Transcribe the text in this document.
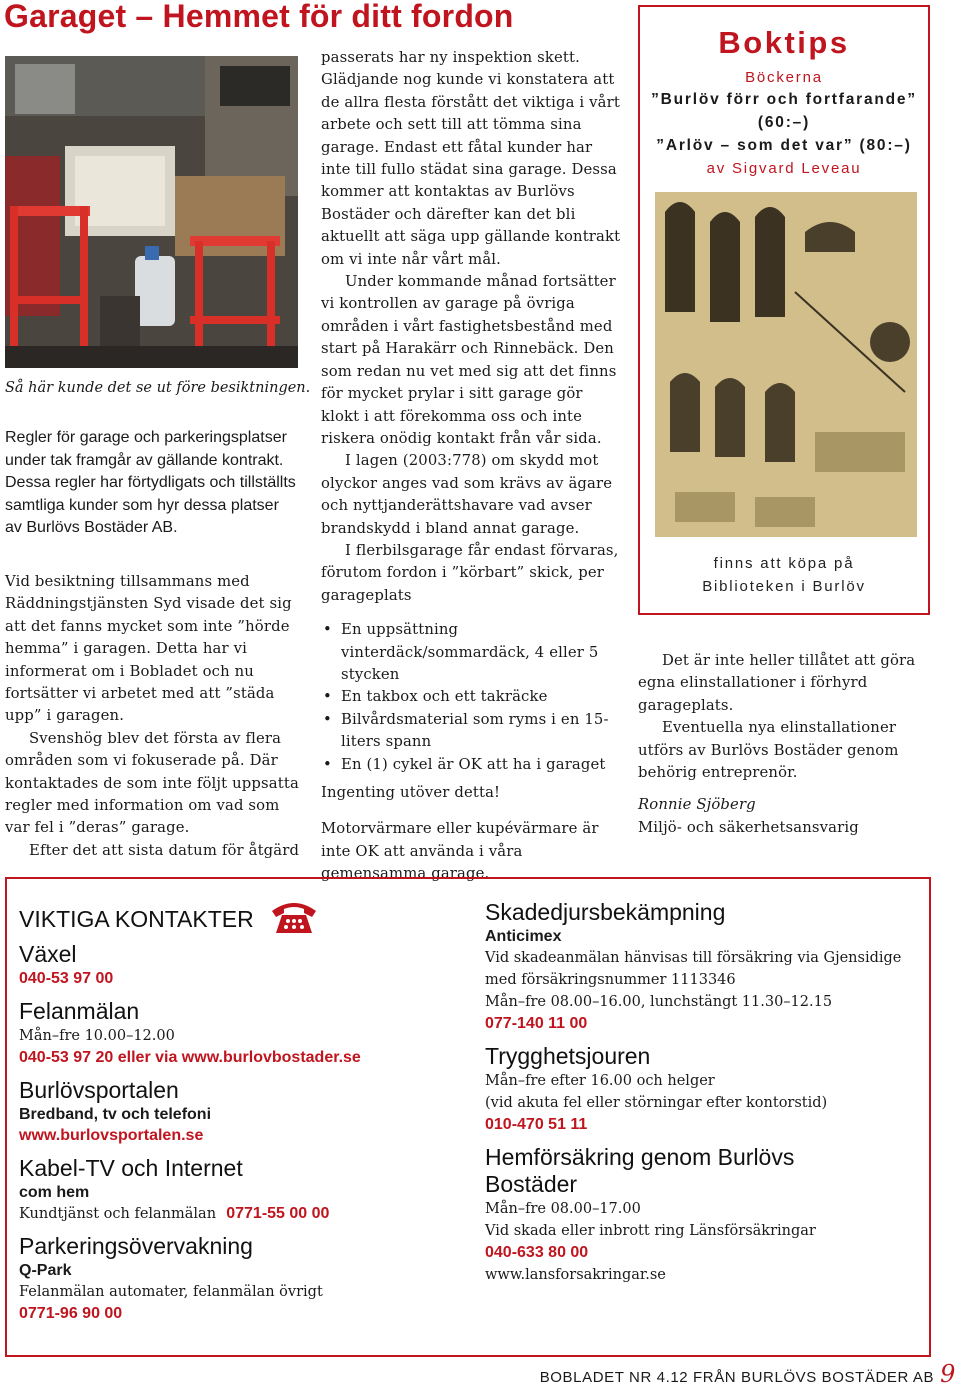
Garaget – Hemmet för ditt fordon
Så här kunde det se ut före besiktningen.
Regler för garage och parkeringsplatser under tak framgår av gällande kontrakt. Dessa regler har förtydligats och tillställts samtliga kunder som hyr dessa platser av Burlövs Bostäder AB.

Vid besiktning tillsammans med Räddningstjänsten Syd visade det sig att det fanns mycket som inte ”hörde hemma” i garagen. Detta har vi informerat om i Bobladet och nu fortsätter vi arbetet med att ”städa upp” i garagen.

Svenshög blev det första av flera områden som vi fokuserade på. Där kontaktades de som inte följt uppsatta regler med information om vad som var fel i ”deras” garage.

Efter det att sista datum för åtgärd

passerats har ny inspektion skett. Glädjande nog kunde vi konstatera att de allra flesta förstått det viktiga i vårt arbete och sett till att tömma sina garage. Endast ett fåtal kunder har inte till fullo städat sina garage. Dessa kommer att kontaktas av Burlövs Bostäder och därefter kan det bli aktuellt att säga upp gällande kontrakt om vi inte når vårt mål.

Under kommande månad fortsätter vi kontrollen av garage på övriga områden i vårt fastighetsbestånd med start på Harakärr och Rinnebäck. Den som redan nu vet med sig att det finns för mycket prylar i sitt garage gör klokt i att förekomma oss och inte riskera onödig kontakt från vår sida.

I lagen (2003:778) om skydd mot olyckor anges vad som krävs av ägare och nyttjanderättshavare vad avser brandskydd i bland annat garage.

I flerbilsgarage får endast förvaras, förutom fordon i ”körbart” skick, per garageplats

• En uppsättning vinterdäck/sommardäck, 4 eller 5 stycken
• En takbox och ett takräcke
• Bilvårdsmaterial som ryms i en 15-liters spann
• En (1) cykel är OK att ha i garaget

Ingenting utöver detta!

Motorvärmare eller kupévärmare är inte OK att använda i våra gemensamma garage.

Boktips
Böckerna
”Burlöv förr och fortfarande”
(60:–)
”Arlöv – som det var” (80:–)
av Sigvard Leveau
finns att köpa på
Biblioteken i Burlöv

Det är inte heller tillåtet att göra egna elinstallationer i förhyrd garageplats.

Eventuella nya elinstallationer utförs av Burlövs Bostäder genom behörig entreprenör.

Ronnie Sjöberg

Miljö- och säkerhetsansvarig

VIKTIGA KONTAKTER
Växel
040-53 97 00
Felanmälan
Mån–fre 10.00–12.00
040-53 97 20 eller via www.burlovbostader.se
Burlövsportalen
Bredband, tv och telefoni
www.burlovsportalen.se
Kabel-TV och Internet
com hem
Kundtjänst och felanmälan 0771-55 00 00
Parkeringsövervakning
Q-Park
Felanmälan automater, felanmälan övrigt
0771-96 90 00
Skadedjursbekämpning
Anticimex
Vid skadeanmälan hänvisas till försäkring via Gjensidige med försäkringsnummer 1113346
Mån–fre 08.00–16.00, lunchstängt 11.30–12.15
077-140 11 00
Trygghetsjouren
Mån–fre efter 16.00 och helger
(vid akuta fel eller störningar efter kontorstid)
010-470 51 11
Hemförsäkring genom Burlövs Bostäder
Mån–fre 08.00–17.00
Vid skada eller inbrott ring Länsförsäkringar
040-633 80 00
www.lansforsakringar.se
BOBLADET NR 4.12 FRÅN BURLÖVS BOSTÄDER AB 9
